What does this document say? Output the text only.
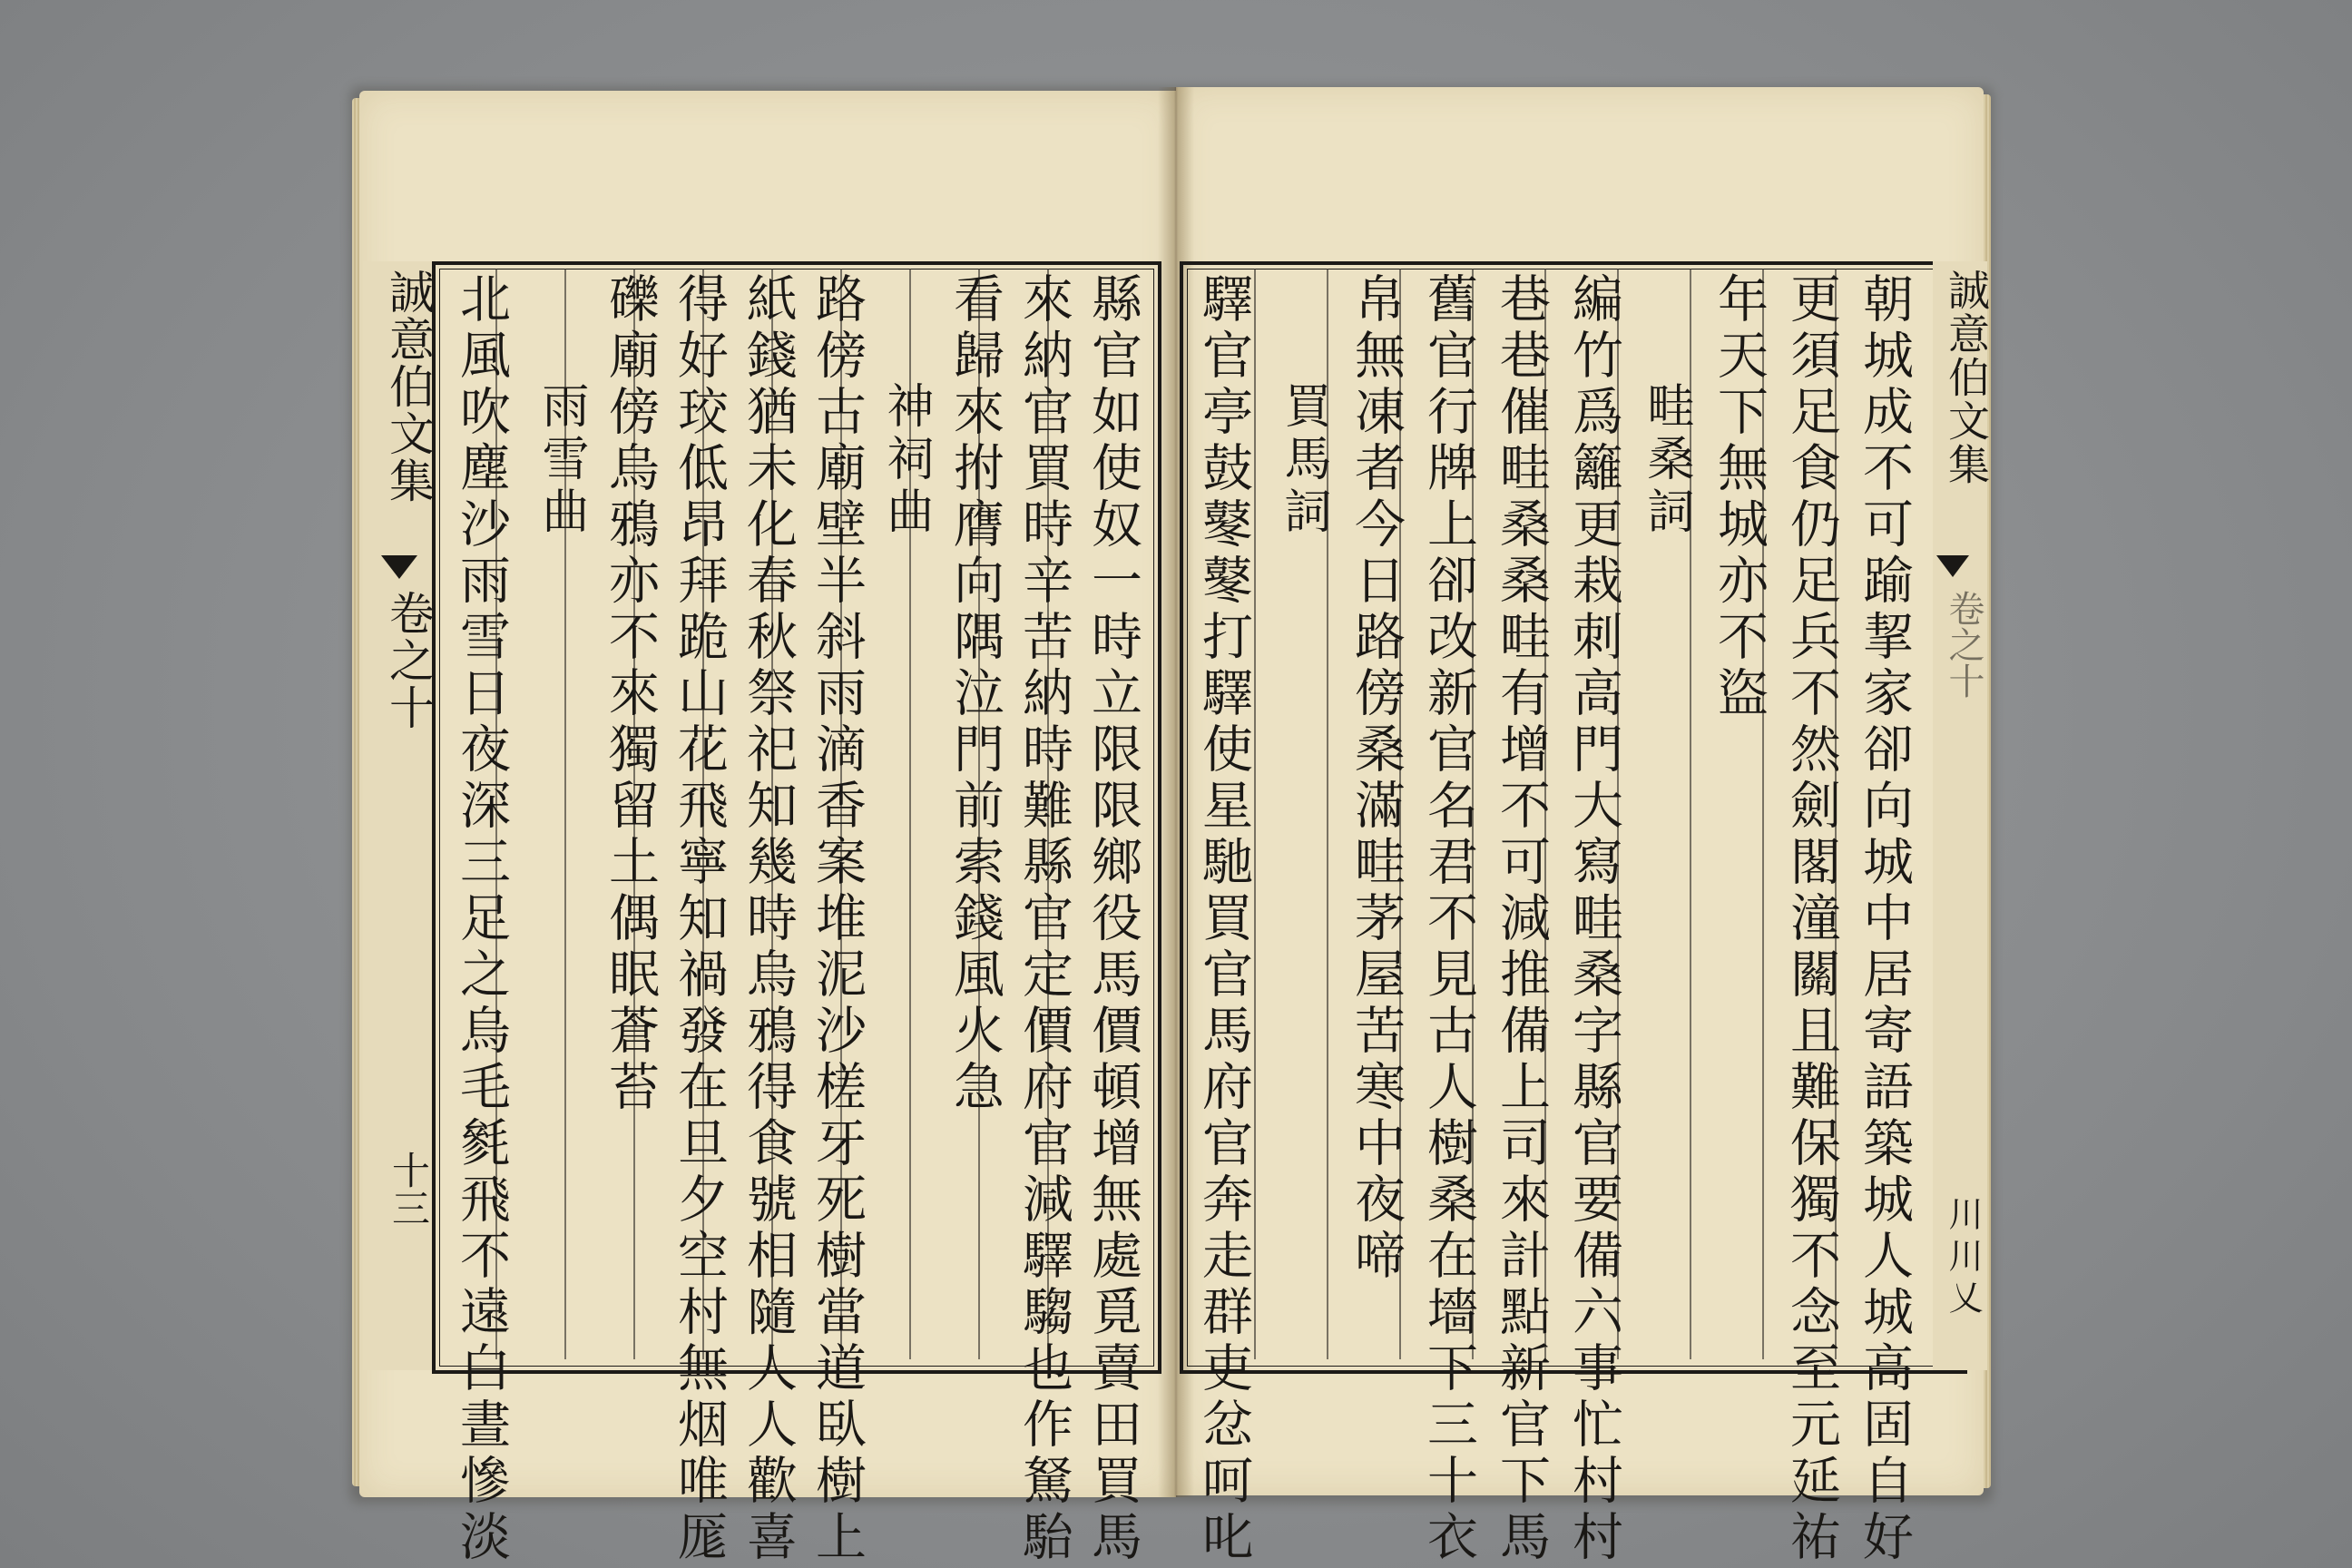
誠意伯文集
卷之十
十三	縣官如使奴一時立限限鄉役馬價頓增無處覓賣田買馬
來納官買時辛苦納時難縣官定價府官減驛騶也作駑駘
看歸來拊膺向隅泣門前索錢風火急
神祠曲
路傍古廟壁半斜雨滴香案堆泥沙槎牙死樹當道臥樹上
紙錢猶未化春秋祭祀知幾時烏鴉得食號相隨人人歡喜
得好珓低昂拜跪山花飛寧知禍發在旦夕空村無烟唯厖
礫廟傍烏鴉亦不來獨留土偶眠蒼苔
雨雪曲
北風吹塵沙雨雪日夜深三足之烏毛毿飛不遠白晝慘淡	朝城成不可踰挈家卻向城中居寄語築城人城高固自好
更須足食仍足兵不然劍閣潼關且難保獨不念至元延祐
年天下無城亦不盜
畦桑詞
編竹爲籬更栽刺高門大寫畦桑字縣官要備六事忙村村
巷巷催畦桑桑畦有增不可減推備上司來計點新官下馬
舊官行牌上卻改新官名君不見古人樹桑在墻下三十衣
帛無凍者今日路傍桑滿畦茅屋苦寒中夜啼
買馬詞
驛官亭鼓鼕鼕打驛使星馳買官馬府官奔走群吏忿呵叱	誠意伯文集
卷之十
川川乂
